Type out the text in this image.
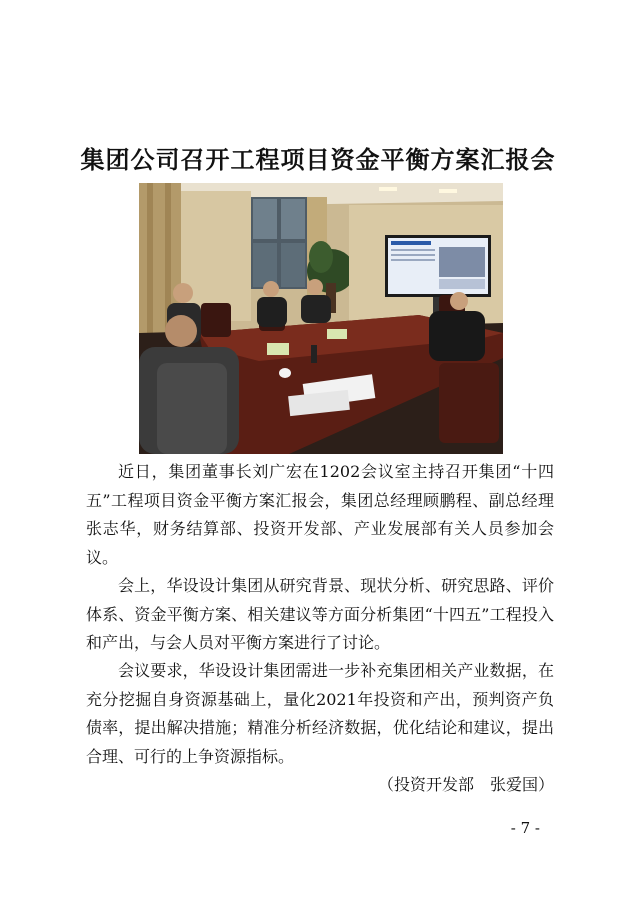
集团公司召开工程项目资金平衡方案汇报会

近日，集团董事长刘广宏在1202会议室主持召开集团“十四五”工程项目资金平衡方案汇报会，集团总经理顾鹏程、副总经理张志华，财务结算部、投资开发部、产业发展部有关人员参加会议。

会上，华设设计集团从研究背景、现状分析、研究思路、评价体系、资金平衡方案、相关建议等方面分析集团“十四五”工程投入和产出，与会人员对平衡方案进行了讨论。

会议要求，华设设计集团需进一步补充集团相关产业数据，在充分挖掘自身资源基础上，量化2021年投资和产出，预判资产负债率，提出解决措施；精准分析经济数据，优化结论和建议，提出合理、可行的上争资源指标。

（投资开发部　张爱国）
- 7 -
